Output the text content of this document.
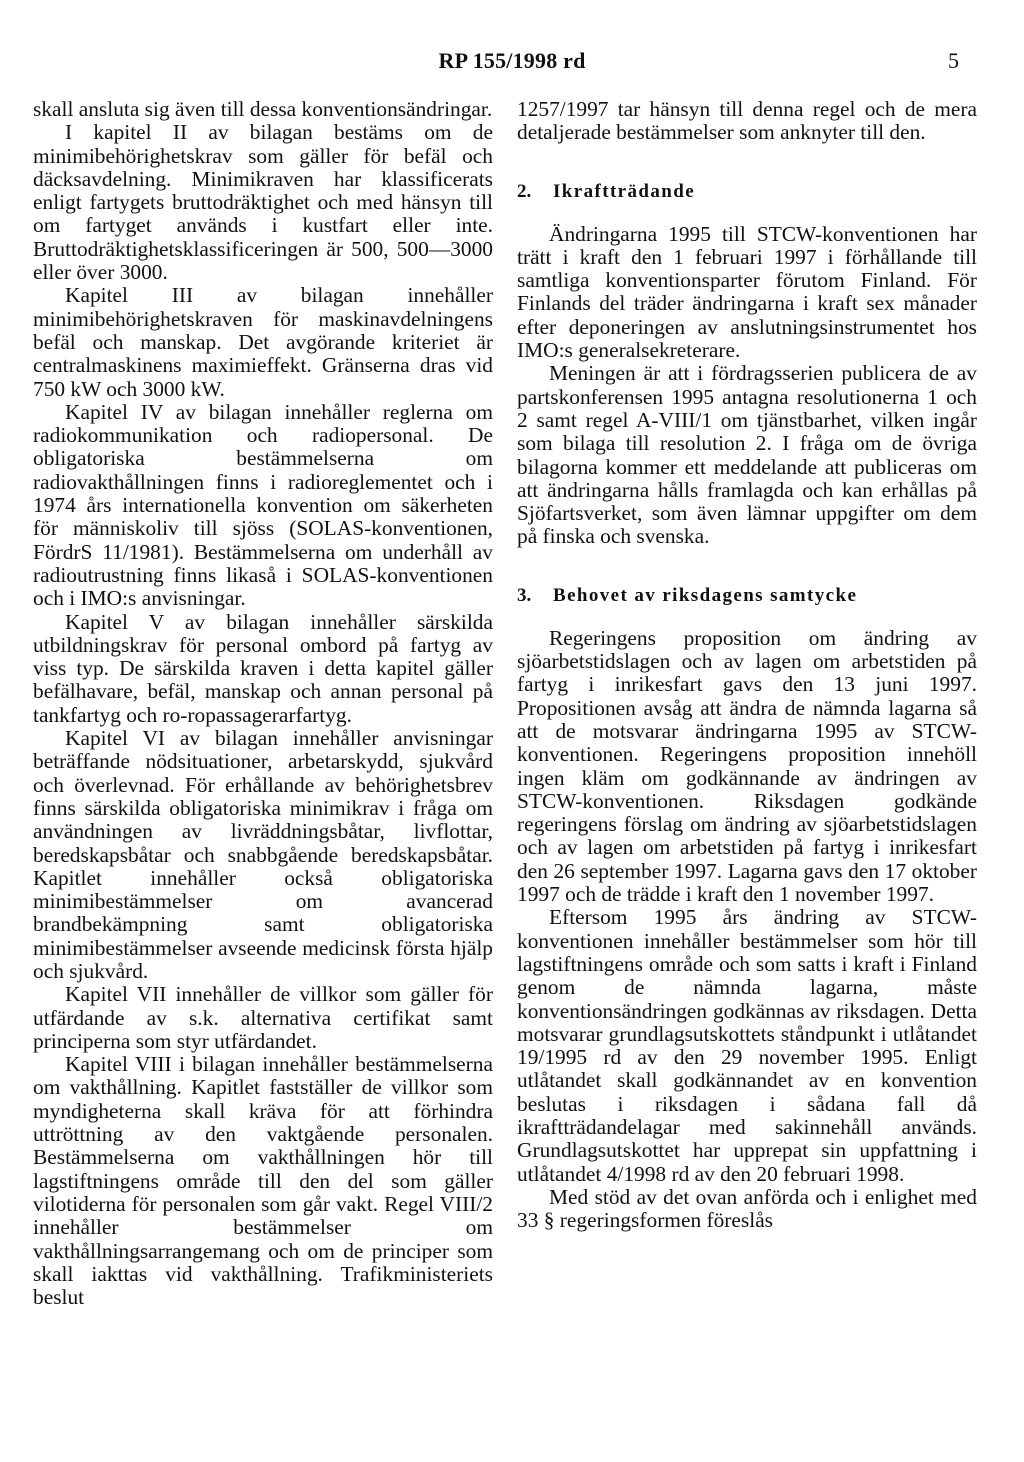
RP 155/1998 rd	5

skall ansluta sig även till dessa konventionsändringar.

I kapitel II av bilagan bestäms om de minimibehörighetskrav som gäller för befäl och däcksavdelning. Minimikraven har klassificerats enligt fartygets bruttodräktighet och med hänsyn till om fartyget används i kustfart eller inte. Bruttodräktighetsklassificeringen är 500, 500—3000 eller över 3000.

Kapitel III av bilagan innehåller minimibehörighetskraven för maskinavdelningens befäl och manskap. Det avgörande kriteriet är centralmaskinens maximieffekt. Gränserna dras vid 750 kW och 3000 kW.

Kapitel IV av bilagan innehåller reglerna om radiokommunikation och radiopersonal. De obligatoriska bestämmelserna om radiovakthållningen finns i radioreglementet och i 1974 års internationella konvention om säkerheten för människoliv till sjöss (SOLAS-konventionen, FördrS 11/1981). Bestämmelserna om underhåll av radioutrustning finns likaså i SOLAS-konventionen och i IMO:s anvisningar.

Kapitel V av bilagan innehåller särskilda utbildningskrav för personal ombord på fartyg av viss typ. De särskilda kraven i detta kapitel gäller befälhavare, befäl, manskap och annan personal på tankfartyg och ro-ropassagerarfartyg.

Kapitel VI av bilagan innehåller anvisningar beträffande nödsituationer, arbetarskydd, sjukvård och överlevnad. För erhållande av behörighetsbrev finns särskilda obligatoriska minimikrav i fråga om användningen av livräddningsbåtar, livflottar, beredskapsbåtar och snabbgående beredskapsbåtar. Kapitlet innehåller också obligatoriska minimibestämmelser om avancerad brandbekämpning samt obligatoriska minimibestämmelser avseende medicinsk första hjälp och sjukvård.

Kapitel VII innehåller de villkor som gäller för utfärdande av s.k. alternativa certifikat samt principerna som styr utfärdandet.

Kapitel VIII i bilagan innehåller bestämmelserna om vakthållning. Kapitlet fastställer de villkor som myndigheterna skall kräva för att förhindra uttröttning av den vaktgående personalen. Bestämmelserna om vakthållningen hör till lagstiftningens område till den del som gäller vilotiderna för personalen som går vakt. Regel VIII/2 innehåller bestämmelser om vakthållningsarrangemang och om de principer som skall iakttas vid vakthållning. Trafikministeriets beslut

1257/1997 tar hänsyn till denna regel och de mera detaljerade bestämmelser som anknyter till den.

2.	Ikraftträdande

Ändringarna 1995 till STCW-konventionen har trätt i kraft den 1 februari 1997 i förhållande till samtliga konventionsparter förutom Finland. För Finlands del träder ändringarna i kraft sex månader efter deponeringen av anslutningsinstrumentet hos IMO:s generalsekreterare.

Meningen är att i fördragsserien publicera de av partskonferensen 1995 antagna resolutionerna 1 och 2 samt regel A-VIII/1 om tjänstbarhet, vilken ingår som bilaga till resolution 2. I fråga om de övriga bilagorna kommer ett meddelande att publiceras om att ändringarna hålls framlagda och kan erhållas på Sjöfartsverket, som även lämnar uppgifter om dem på finska och svenska.

3.	Behovet av riksdagens samtycke

Regeringens proposition om ändring av sjöarbetstidslagen och av lagen om arbetstiden på fartyg i inrikesfart gavs den 13 juni 1997. Propositionen avsåg att ändra de nämnda lagarna så att de motsvarar ändringarna 1995 av STCW-konventionen. Regeringens proposition innehöll ingen kläm om godkännande av ändringen av STCW-konventionen. Riksdagen godkände regeringens förslag om ändring av sjöarbetstidslagen och av lagen om arbetstiden på fartyg i inrikesfart den 26 september 1997. Lagarna gavs den 17 oktober 1997 och de trädde i kraft den 1 november 1997.

Eftersom 1995 års ändring av STCW-konventionen innehåller bestämmelser som hör till lagstiftningens område och som satts i kraft i Finland genom de nämnda lagarna, måste konventionsändringen godkännas av riksdagen. Detta motsvarar grundlagsutskottets ståndpunkt i utlåtandet 19/1995 rd av den 29 november 1995. Enligt utlåtandet skall godkännandet av en konvention beslutas i riksdagen i sådana fall då ikraftträdandelagar med sakinnehåll används. Grundlagsutskottet har upprepat sin uppfattning i utlåtandet 4/1998 rd av den 20 februari 1998.

Med stöd av det ovan anförda och i enlighet med 33 § regeringsformen föreslås
